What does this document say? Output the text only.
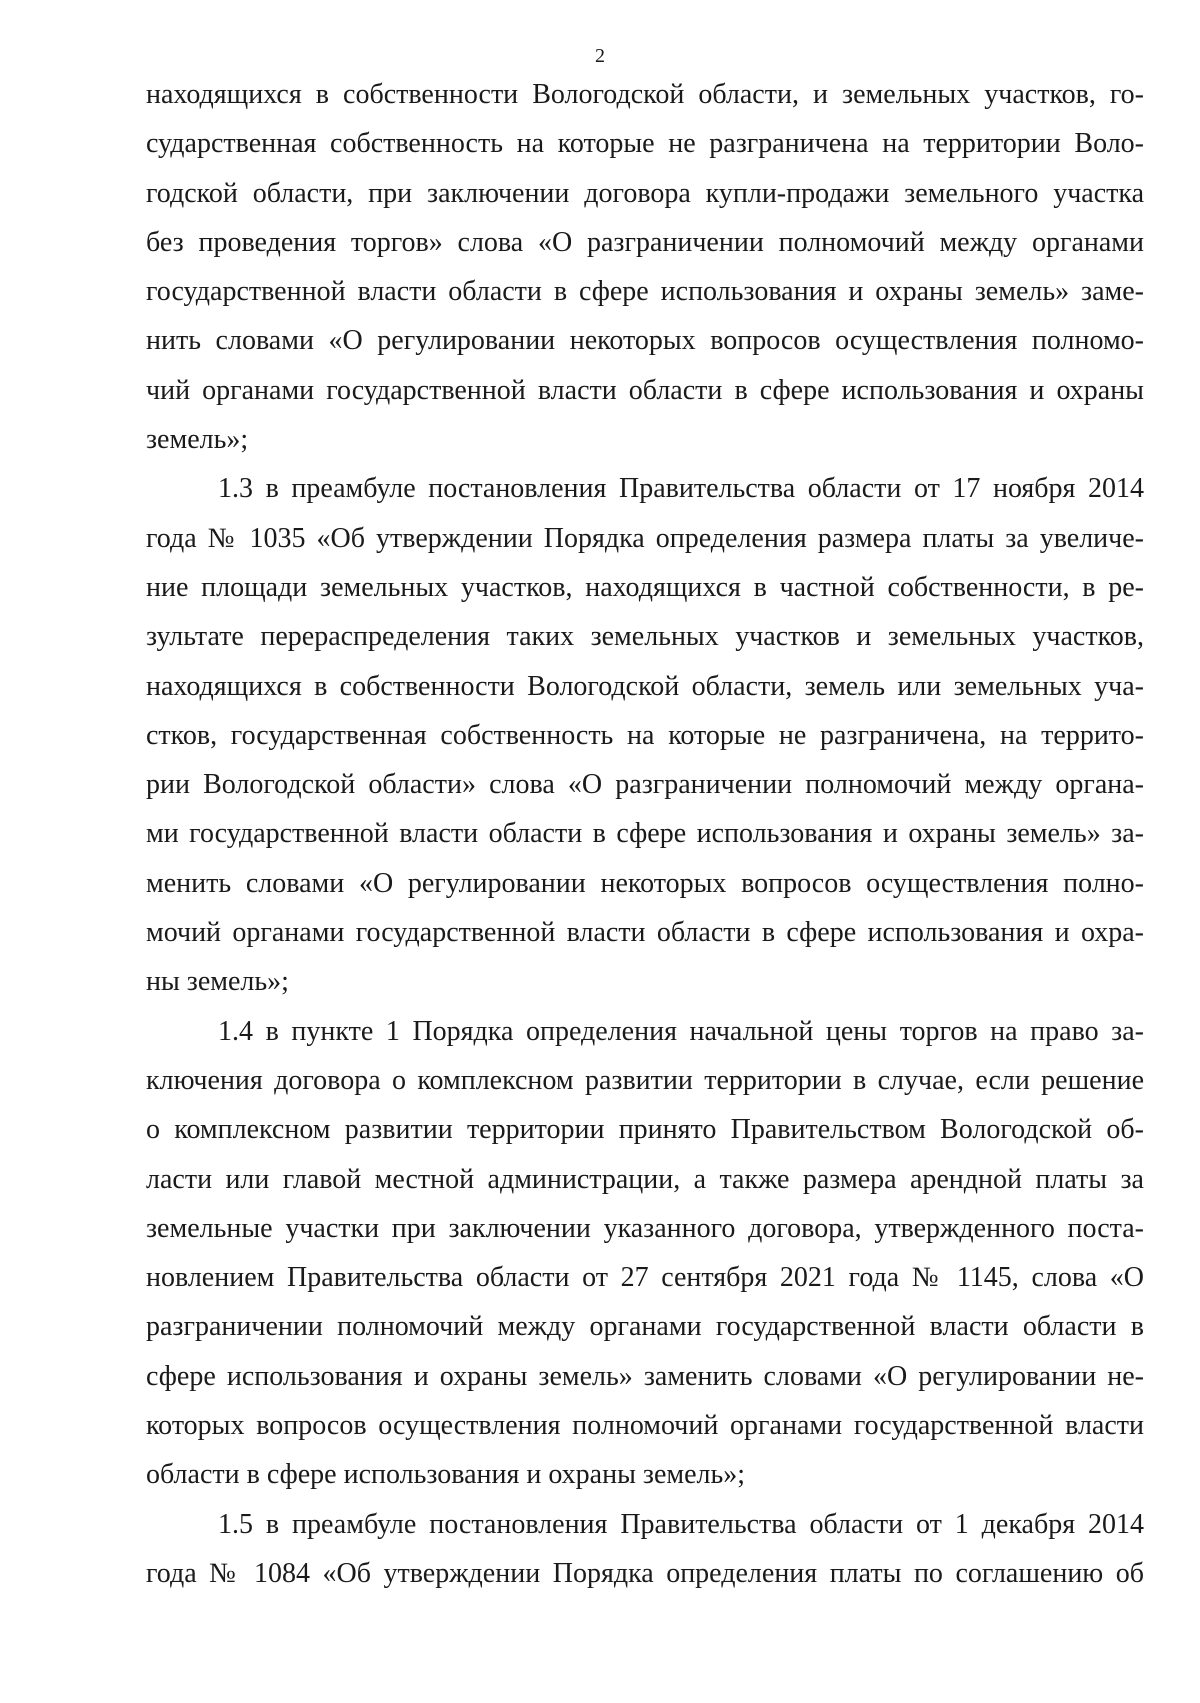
2
находящихся в собственности Вологодской области, и земельных участков, го-
сударственная собственность на которые не разграничена на территории Воло-
годской области, при заключении договора купли-продажи земельного участка
без проведения торгов» слова «О разграничении полномочий между органами
государственной власти области в сфере использования и охраны земель» заме-
нить словами «О регулировании некоторых вопросов осуществления полномо-
чий органами государственной власти области в сфере использования и охраны
земель»;
1.3 в преамбуле постановления Правительства области от 17 ноября 2014
года № 1035 «Об утверждении Порядка определения размера платы за увеличе-
ние площади земельных участков, находящихся в частной собственности, в ре-
зультате перераспределения таких земельных участков и земельных участков,
находящихся в собственности Вологодской области, земель или земельных уча-
стков, государственная собственность на которые не разграничена, на террито-
рии Вологодской области» слова «О разграничении полномочий между органа-
ми государственной власти области в сфере использования и охраны земель» за-
менить словами «О регулировании некоторых вопросов осуществления полно-
мочий органами государственной власти области в сфере использования и охра-
ны земель»;
1.4 в пункте 1 Порядка определения начальной цены торгов на право за-
ключения договора о комплексном развитии территории в случае, если решение
о комплексном развитии территории принято Правительством Вологодской об-
ласти или главой местной администрации, а также размера арендной платы за
земельные участки при заключении указанного договора, утвержденного поста-
новлением Правительства области от 27 сентября 2021 года № 1145, слова «О
разграничении полномочий между органами государственной власти области в
сфере использования и охраны земель» заменить словами «О регулировании не-
которых вопросов осуществления полномочий органами государственной власти
области в сфере использования и охраны земель»;
1.5 в преамбуле постановления Правительства области от 1 декабря 2014
года № 1084 «Об утверждении Порядка определения платы по соглашению об
